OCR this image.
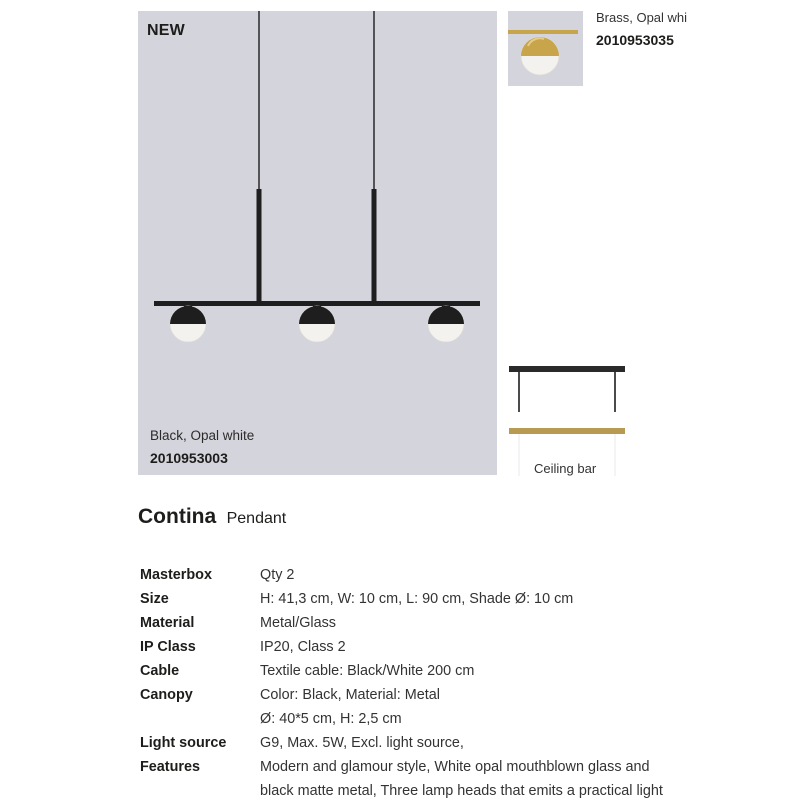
NEW
Black, Opal white
2010953003
Brass, Opal whi
2010953035
Ceiling bar
Contina Pendant
Masterbox	Qty 2
Size	H: 41,3 cm, W: 10 cm, L: 90 cm, Shade Ø: 10 cm
Material	Metal/Glass
IP Class	IP20, Class 2
Cable	Textile cable: Black/White 200 cm
Canopy	Color: Black, Material: Metal
Ø: 40*5 cm, H: 2,5 cm
Light source	G9, Max. 5W, Excl. light source,
Features	Modern and glamour style, White opal mouthblown glass and
black matte metal, Three lamp heads that emits a practical light
